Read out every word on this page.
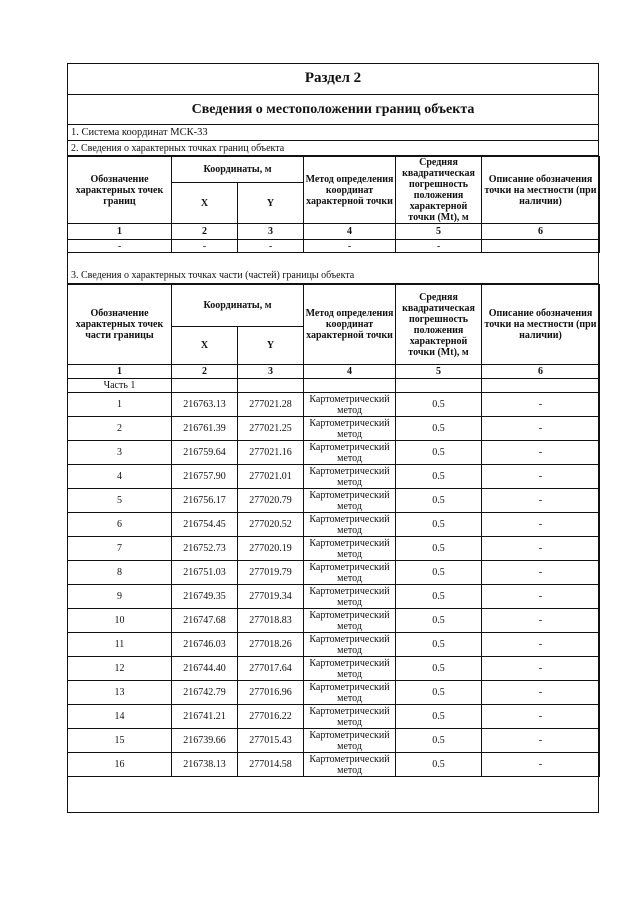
Раздел 2
Сведения о местоположении границ объекта
1. Система координат МСК-33
2. Сведения о характерных точках границ объекта
Обозначение характерных точек границ	Координаты, м		Метод определения координат характерной точки	Средняя квадратическая погрешность положения характерной точки (Мt), м	Описание обозначения точки на местности (при наличии)
	X	Y			
1	2	3	4	5	6
-	-	-	-	-	
3. Сведения о характерных точках части (частей) границы объекта
Обозначение характерных точек части границы	Координаты, м		Метод определения координат характерной точки	Средняя квадратическая погрешность положения характерной точки (Мt), м	Описание обозначения точки на местности (при наличии)
	X	Y			
1	2	3	4	5	6
Часть 1					
1	216763.13	277021.28	Картометрический метод	0.5	-
2	216761.39	277021.25	Картометрический метод	0.5	-
3	216759.64	277021.16	Картометрический метод	0.5	-
4	216757.90	277021.01	Картометрический метод	0.5	-
5	216756.17	277020.79	Картометрический метод	0.5	-
6	216754.45	277020.52	Картометрический метод	0.5	-
7	216752.73	277020.19	Картометрический метод	0.5	-
8	216751.03	277019.79	Картометрический метод	0.5	-
9	216749.35	277019.34	Картометрический метод	0.5	-
10	216747.68	277018.83	Картометрический метод	0.5	-
11	216746.03	277018.26	Картометрический метод	0.5	-
12	216744.40	277017.64	Картометрический метод	0.5	-
13	216742.79	277016.96	Картометрический метод	0.5	-
14	216741.21	277016.22	Картометрический метод	0.5	-
15	216739.66	277015.43	Картометрический метод	0.5	-
16	216738.13	277014.58	Картометрический метод	0.5	-
